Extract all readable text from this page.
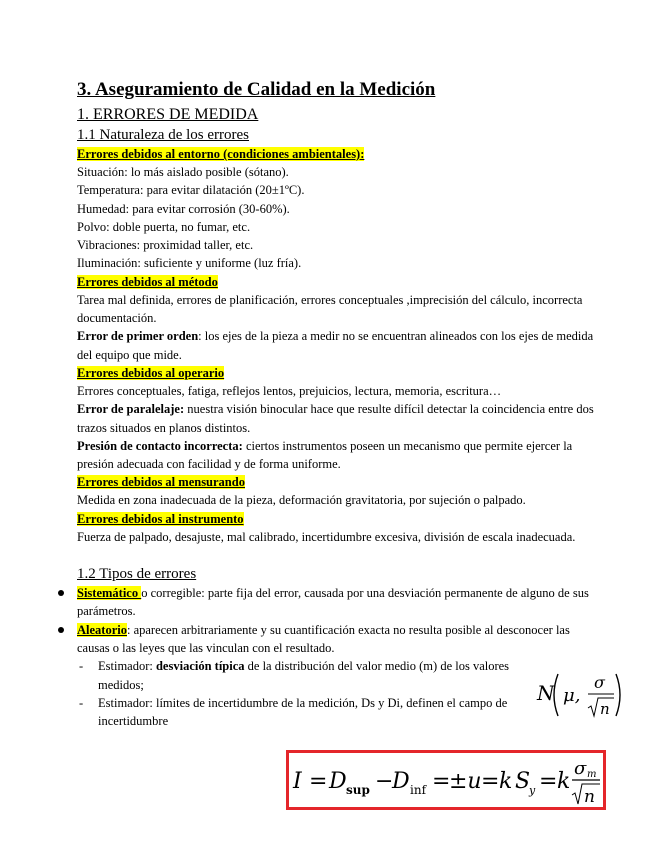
3. Aseguramiento de Calidad en la Medición
1. ERRORES DE MEDIDA
1.1 Naturaleza de los errores
Errores debidos al entorno (condiciones ambientales):

Situación: lo más aislado posible (sótano).

Temperatura: para evitar dilatación (20±1ºC).

Humedad: para evitar corrosión (30-60%).

Polvo: doble puerta, no fumar, etc.

Vibraciones: proximidad taller, etc.

Iluminación: suficiente y uniforme (luz fría).

Errores debidos al método

Tarea mal definida, errores de planificación, errores conceptuales ,imprecisión del cálculo, incorrecta documentación.

Error de primer orden: los ejes de la pieza a medir no se encuentran alineados con los ejes de medida del equipo que mide.

Errores debidos al operario

Errores conceptuales, fatiga, reflejos lentos, prejuicios, lectura, memoria, escritura…

Error de paralelaje: nuestra visión binocular hace que resulte difícil detectar la coincidencia entre dos trazos situados en planos distintos.

Presión de contacto incorrecta: ciertos instrumentos poseen un mecanismo que permite ejercer la presión adecuada con facilidad y de forma uniforme.

Errores debidos al mensurando

Medida en zona inadecuada de la pieza, deformación gravitatoria, por sujeción o palpado.

Errores debidos al instrumento

Fuerza de palpado, desajuste, mal calibrado, incertidumbre excesiva, división de escala inadecuada.

1.2 Tipos de errores
Sistemático o corregible: parte fija del error, causada por una desviación permanente de alguno de sus parámetros.
Aleatorio: aparecen arbitrariamente y su cuantificación exacta no resulta posible al desconocer las causas o las leyes que las vinculan con el resultado.
- Estimador: desviación típica de la distribución del valor medio (m) de los valores medidos;
- Estimador: límites de incertidumbre de la medición, Ds y Di, definen el campo de incertidumbre
N μ,
σ
n
I = D sup −
D inf =
±u = k S
y = k
σ m
n
